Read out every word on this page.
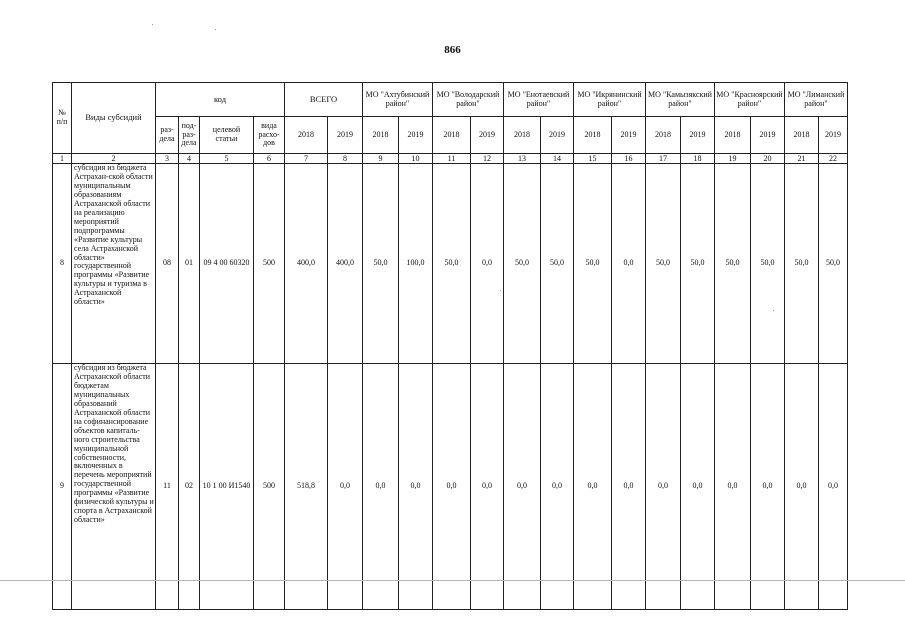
866
№ п/п	Виды субсидий	код				ВСЕГО		МО "Ахтубинский район"		МО "Володарский район"		МО "Енотаевский район"		МО "Икрянинский район"		МО "Камызякский район"		МО "Красноярский район"		МО "Лиманский район"	
		раз-дела	под-раз-дела	целевой статьи	вида расхо-дов	2018	2019	2018	2019	2018	2019	2018	2019	2018	2019	2018	2019	2018	2019	2018	2019
1	2	3	4	5	6	7	8	9	10	11	12	13	14	15	16	17	18	19	20	21	22
8	субсидия из бюджета Астрахан-ской области муниципальным образованиям Астраханской области на реализацию мероприятий подпрограммы «Развитие культуры села Астраханской области» государственной программы «Развитие культуры и туризма в Астраханской области»	08	01	09 4 00 60320	500	400,0	400,0	50,0	100,0	50,0	0,0	50,0	50,0	50,0	0,0	50,0	50,0	50,0	50,0	50,0	50,0
9	субсидия из бюджета Астраханской области бюджетам муниципальных образований Астраханской области на софинансирование объектов капиталь-ного строительства муниципальной собственности, включенных в перечень мероприятий государственной программы «Развитие физической культуры и спорта в Астраханской области»	11	02	10 1 00 И1540	500	518,8	0,0	0,0	0,0	0,0	0,0	0,0	0,0	0,0	0,0	0,0	0,0	0,0	0,0	0,0	0,0
